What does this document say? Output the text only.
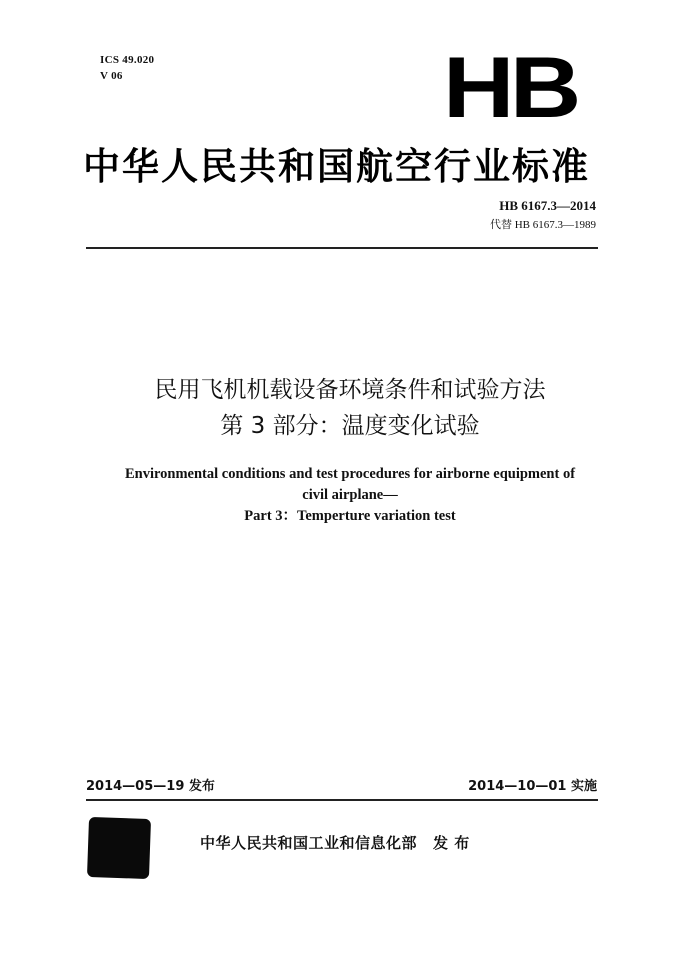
ICS 49.020
V 06	HB
中华人民共和国航空行业标准
HB 6167.3—2014
代替 HB 6167.3—1989
民用飞机机载设备环境条件和试验方法
第 3 部分：温度变化试验
Environmental conditions and test procedures for airborne equipment of
civil airplane—
Part 3：Temperture variation test
2014—05—19 发布	2014—10—01 实施
中华人民共和国工业和信息化部 发 布
